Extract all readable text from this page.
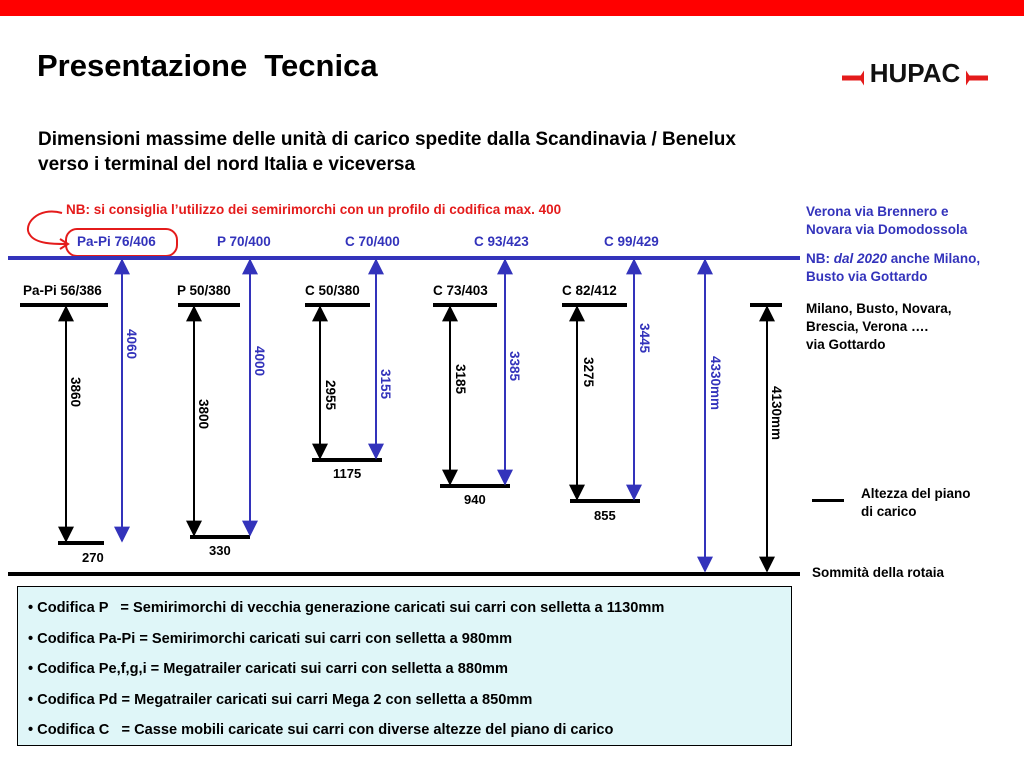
Presentazione  Tecnica
Dimensioni massime delle unità di carico spedite dalla Scandinavia / Benelux
verso i terminal del nord Italia e viceversa
HUPAC
NB: si consiglia l’utilizzo dei semirimorchi con un profilo di codifica max. 400
Pa-Pi 76/406	P 70/400	C 70/400	C 93/423	C 99/429
Pa-Pi 56/386	P 50/380	C 50/380	C 73/403	C 82/412
3860
4060
3800
4000
2955	3155	3185	3385	3275
3445
4330mm
4130mm
270	330
1175
940
855
Verona via Brennero e
Novara via Domodossola
NB: dal 2020 anche Milano,
Busto via Gottardo
Milano, Busto, Novara,
Brescia, Verona ….
via Gottardo
Altezza del piano
di carico
Sommità della rotaia
• Codifica P   = Semirimorchi di vecchia generazione caricati sui carri con selletta a 1130mm
• Codifica Pa-Pi = Semirimorchi caricati sui carri con selletta a 980mm
• Codifica Pe,f,g,i = Megatrailer caricati sui carri con selletta a 880mm
• Codifica Pd = Megatrailer caricati sui carri Mega 2 con selletta a 850mm
• Codifica C   = Casse mobili caricate sui carri con diverse altezze del piano di carico
